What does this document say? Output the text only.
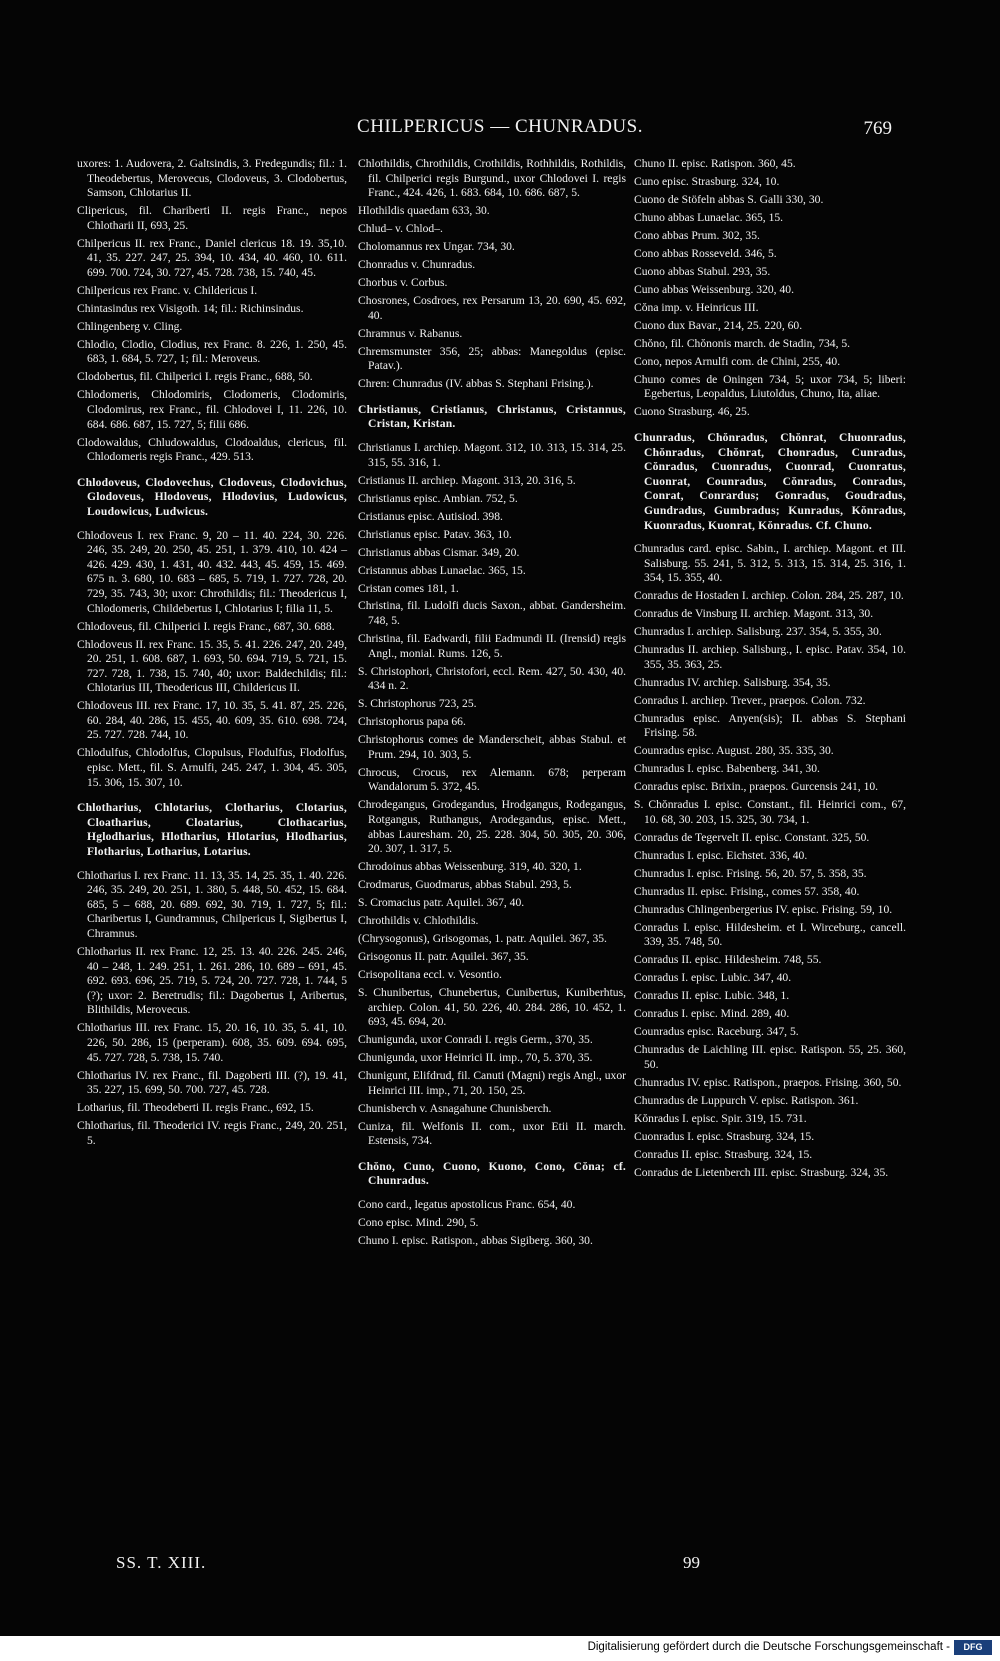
CHILPERICUS — CHUNRADUS.	769

uxores: 1. Audovera, 2. Galtsindis, 3. Fredegundis; fil.: 1. Theodebertus, Merovecus, Clodoveus, 3. Clodobertus, Samson, Chlotarius II.

Clipericus, fil. Chariberti II. regis Franc., nepos Chlotharii II, 693, 25.

Chilpericus II. rex Franc., Daniel clericus 18. 19. 35,10. 41, 35. 227. 247, 25. 394, 10. 434, 40. 460, 10. 611. 699. 700. 724, 30. 727, 45. 728. 738, 15. 740, 45.

Chilpericus rex Franc. v. Childericus I.

Chintasindus rex Visigoth. 14; fil.: Richinsindus.

Chlingenberg v. Cling.

Chlodio, Clodio, Clodius, rex Franc. 8. 226, 1. 250, 45. 683, 1. 684, 5. 727, 1; fil.: Meroveus.

Clodobertus, fil. Chilperici I. regis Franc., 688, 50.

Chlodomeris, Chlodomiris, Clodomeris, Clodomiris, Clodomirus, rex Franc., fil. Chlodovei I, 11. 226, 10. 684. 686. 687, 15. 727, 5; filii 686.

Clodowaldus, Chludowaldus, Clodoaldus, clericus, fil. Chlodomeris regis Franc., 429. 513.

Chlodoveus, Clodovechus, Clodoveus, Clodovichus, Glodoveus, Hlodoveus, Hlodovius, Ludowicus, Loudowicus, Ludwicus.

Chlodoveus I. rex Franc. 9, 20 – 11. 40. 224, 30. 226. 246, 35. 249, 20. 250, 45. 251, 1. 379. 410, 10. 424 – 426. 429. 430, 1. 431, 40. 432. 443, 45. 459, 15. 469. 675 n. 3. 680, 10. 683 – 685, 5. 719, 1. 727. 728, 20. 729, 35. 743, 30; uxor: Chrothildis; fil.: Theodericus I, Chlodomeris, Childebertus I, Chlotarius I; filia 11, 5.

Chlodoveus, fil. Chilperici I. regis Franc., 687, 30. 688.

Chlodoveus II. rex Franc. 15. 35, 5. 41. 226. 247, 20. 249, 20. 251, 1. 608. 687, 1. 693, 50. 694. 719, 5. 721, 15. 727. 728, 1. 738, 15. 740, 40; uxor: Baldechildis; fil.: Chlotarius III, Theodericus III, Childericus II.

Chlodoveus III. rex Franc. 17, 10. 35, 5. 41. 87, 25. 226, 60. 284, 40. 286, 15. 455, 40. 609, 35. 610. 698. 724, 25. 727. 728. 744, 10.

Chlodulfus, Chlodolfus, Clopulsus, Flodulfus, Flodolfus, episc. Mett., fil. S. Arnulfi, 245. 247, 1. 304, 45. 305, 15. 306, 15. 307, 10.

Chlotharius, Chlotarius, Clotharius, Clotarius, Cloatharius, Cloatarius, Clothacarius, Hglodharius, Hlotharius, Hlotarius, Hlodharius, Flotharius, Lotharius, Lotarius.

Chlotharius I. rex Franc. 11. 13, 35. 14, 25. 35, 1. 40. 226. 246, 35. 249, 20. 251, 1. 380, 5. 448, 50. 452, 15. 684. 685, 5 – 688, 20. 689. 692, 30. 719, 1. 727, 5; fil.: Charibertus I, Gundramnus, Chilpericus I, Sigibertus I, Chramnus.

Chlotharius II. rex Franc. 12, 25. 13. 40. 226. 245. 246, 40 – 248, 1. 249. 251, 1. 261. 286, 10. 689 – 691, 45. 692. 693. 696, 25. 719, 5. 724, 20. 727. 728, 1. 744, 5 (?); uxor: 2. Beretrudis; fil.: Dagobertus I, Aribertus, Blithildis, Merovecus.

Chlotharius III. rex Franc. 15, 20. 16, 10. 35, 5. 41, 10. 226, 50. 286, 15 (perperam). 608, 35. 609. 694. 695, 45. 727. 728, 5. 738, 15. 740.

Chlotharius IV. rex Franc., fil. Dagoberti III. (?), 19. 41, 35. 227, 15. 699, 50. 700. 727, 45. 728.

Lotharius, fil. Theodeberti II. regis Franc., 692, 15.

Chlotharius, fil. Theoderici IV. regis Franc., 249, 20. 251, 5.

Chlothildis, Chrothildis, Crothildis, Rothhildis, Rothildis, fil. Chilperici regis Burgund., uxor Chlodovei I. regis Franc., 424. 426, 1. 683. 684, 10. 686. 687, 5.

Hlothildis quaedam 633, 30.

Chlud– v. Chlod–.

Cholomannus rex Ungar. 734, 30.

Chonradus v. Chunradus.

Chorbus v. Corbus.

Chosrones, Cosdroes, rex Persarum 13, 20. 690, 45. 692, 40.

Chramnus v. Rabanus.

Chremsmunster 356, 25; abbas: Manegoldus (episc. Patav.).

Chren: Chunradus (IV. abbas S. Stephani Frising.).

Christianus, Cristianus, Christanus, Cristannus, Cristan, Kristan.

Christianus I. archiep. Magont. 312, 10. 313, 15. 314, 25. 315, 55. 316, 1.

Cristianus II. archiep. Magont. 313, 20. 316, 5.

Christianus episc. Ambian. 752, 5.

Cristianus episc. Autisiod. 398.

Christianus episc. Patav. 363, 10.

Christianus abbas Cismar. 349, 20.

Cristannus abbas Lunaelac. 365, 15.

Cristan comes 181, 1.

Christina, fil. Ludolfi ducis Saxon., abbat. Gandersheim. 748, 5.

Christina, fil. Eadwardi, filii Eadmundi II. (Irensid) regis Angl., monial. Rums. 126, 5.

S. Christophori, Christofori, eccl. Rem. 427, 50. 430, 40. 434 n. 2.

S. Christophorus 723, 25.

Christophorus papa 66.

Christophorus comes de Manderscheit, abbas Stabul. et Prum. 294, 10. 303, 5.

Chrocus, Crocus, rex Alemann. 678; perperam Wandalorum 5. 372, 45.

Chrodegangus, Grodegandus, Hrodgangus, Rodegangus, Rotgangus, Ruthangus, Arodegandus, episc. Mett., abbas Lauresham. 20, 25. 228. 304, 50. 305, 20. 306, 20. 307, 1. 317, 5.

Chrodoinus abbas Weissenburg. 319, 40. 320, 1.

Crodmarus, Guodmarus, abbas Stabul. 293, 5.

S. Cromacius patr. Aquilei. 367, 40.

Chrothildis v. Chlothildis.

(Chrysogonus), Grisogomas, 1. patr. Aquilei. 367, 35.

Grisogonus II. patr. Aquilei. 367, 35.

Crisopolitana eccl. v. Vesontio.

S. Chunibertus, Chunebertus, Cunibertus, Kuniberhtus, archiep. Colon. 41, 50. 226, 40. 284. 286, 10. 452, 1. 693, 45. 694, 20.

Chunigunda, uxor Conradi I. regis Germ., 370, 35.

Chunigunda, uxor Heinrici II. imp., 70, 5. 370, 35.

Chunigunt, Elifdrud, fil. Canuti (Magni) regis Angl., uxor Heinrici III. imp., 71, 20. 150, 25.

Chunisberch v. Asnagahune Chunisberch.

Cuniza, fil. Welfonis II. com., uxor Etii II. march. Estensis, 734.

Chŏno, Cuno, Cuono, Kuono, Cono, Cŏna; cf. Chunradus.

Cono card., legatus apostolicus Franc. 654, 40.

Cono episc. Mind. 290, 5.

Chuno I. episc. Ratispon., abbas Sigiberg. 360, 30.

Chuno II. episc. Ratispon. 360, 45.

Cuno episc. Strasburg. 324, 10.

Cuono de Stöfeln abbas S. Galli 330, 30.

Chuno abbas Lunaelac. 365, 15.

Cono abbas Prum. 302, 35.

Cono abbas Rosseveld. 346, 5.

Cuono abbas Stabul. 293, 35.

Cuno abbas Weissenburg. 320, 40.

Cŏna imp. v. Heinricus III.

Cuono dux Bavar., 214, 25. 220, 60.

Chŏno, fil. Chŏnonis march. de Stadin, 734, 5.

Cono, nepos Arnulfi com. de Chini, 255, 40.

Chuno comes de Oningen 734, 5; uxor 734, 5; liberi: Egebertus, Leopaldus, Liutoldus, Chuno, Ita, aliae.

Cuono Strasburg. 46, 25.

Chunradus, Chŏnradus, Chŏnrat, Chuonradus, Chŏnradus, Chŏnrat, Chonradus, Cunradus, Cŏnradus, Cuonradus, Cuonrad, Cuonratus, Cuonrat, Counradus, Cŏnradus, Conradus, Conrat, Conrardus; Gonradus, Goudradus, Gundradus, Gumbradus; Kunradus, Kŏnradus, Kuonradus, Kuonrat, Kŏnradus. Cf. Chuno.

Chunradus card. episc. Sabin., I. archiep. Magont. et III. Salisburg. 55. 241, 5. 312, 5. 313, 15. 314, 25. 316, 1. 354, 15. 355, 40.

Conradus de Hostaden I. archiep. Colon. 284, 25. 287, 10.

Conradus de Vinsburg II. archiep. Magont. 313, 30.

Chunradus I. archiep. Salisburg. 237. 354, 5. 355, 30.

Chunradus II. archiep. Salisburg., I. episc. Patav. 354, 10. 355, 35. 363, 25.

Chunradus IV. archiep. Salisburg. 354, 35.

Conradus I. archiep. Trever., praepos. Colon. 732.

Chunradus episc. Anyen(sis); II. abbas S. Stephani Frising. 58.

Counradus episc. August. 280, 35. 335, 30.

Chunradus I. episc. Babenberg. 341, 30.

Conradus episc. Brixin., praepos. Gurcensis 241, 10.

S. Chŏnradus I. episc. Constant., fil. Heinrici com., 67, 10. 68, 30. 203, 15. 325, 30. 734, 1.

Conradus de Tegervelt II. episc. Constant. 325, 50.

Chunradus I. episc. Eichstet. 336, 40.

Chunradus I. episc. Frising. 56, 20. 57, 5. 358, 35.

Chunradus II. episc. Frising., comes 57. 358, 40.

Chunradus Chlingenbergerius IV. episc. Frising. 59, 10.

Conradus I. episc. Hildesheim. et I. Wirceburg., cancell. 339, 35. 748, 50.

Conradus II. episc. Hildesheim. 748, 55.

Conradus I. episc. Lubic. 347, 40.

Conradus II. episc. Lubic. 348, 1.

Conradus I. episc. Mind. 289, 40.

Counradus episc. Raceburg. 347, 5.

Chunradus de Laichling III. episc. Ratispon. 55, 25. 360, 50.

Chunradus IV. episc. Ratispon., praepos. Frising. 360, 50.

Chunradus de Luppurch V. episc. Ratispon. 361.

Kŏnradus I. episc. Spir. 319, 15. 731.

Cuonradus I. episc. Strasburg. 324, 15.

Conradus II. episc. Strasburg. 324, 15.

Conradus de Lietenberch III. episc. Strasburg. 324, 35.

SS. T. XIII.	99
Digitalisierung gefördert durch die Deutsche Forschungsgemeinschaft -	DFG
